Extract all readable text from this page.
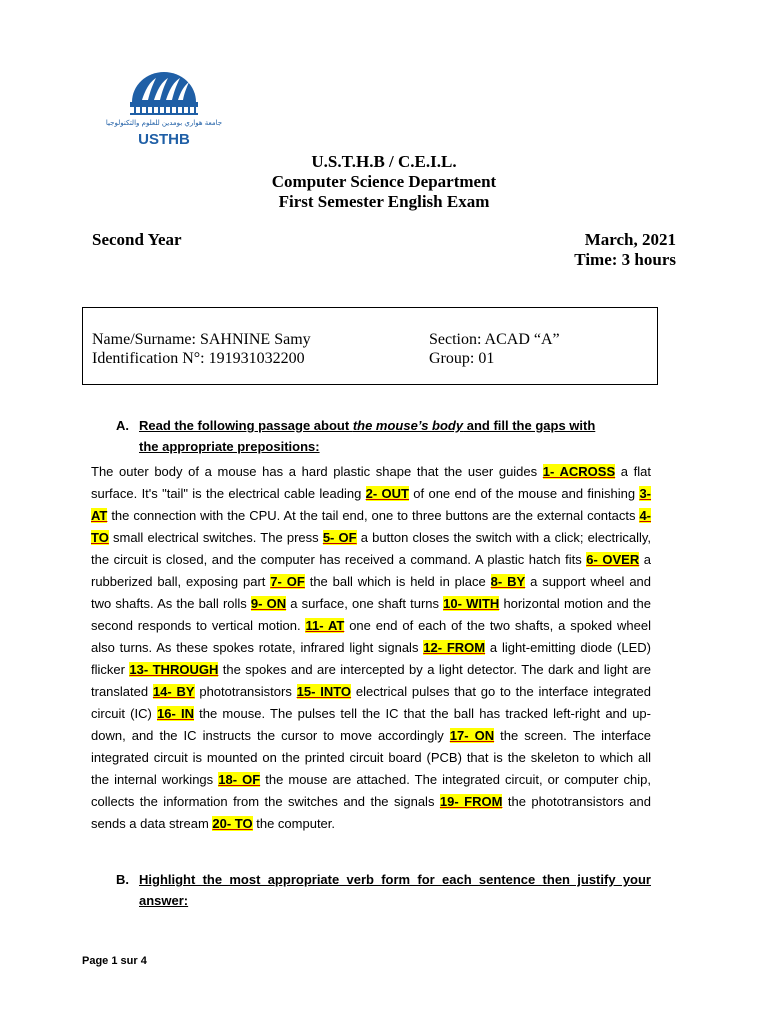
جامعة هواري بومدين للعلوم والتكنولوجيا
USTHB
U.S.T.H.B / C.E.I.L.
Computer Science Department
First Semester English Exam
Second Year	March, 2021
Time: 3 hours
Name/Surname: SAHNINE Samy
Identification N°: 191931032200
Section: ACAD “A”
Group: 01
A. Read the following passage about the mouse’s body and fill the gaps with the appropriate prepositions:

The outer body of a mouse has a hard plastic shape that the user guides 1- ACROSS a flat surface. It's "tail" is the electrical cable leading 2- OUT of one end of the mouse and finishing 3- AT the connection with the CPU. At the tail end, one to three buttons are the external contacts 4- TO small electrical switches. The press 5- OF a button closes the switch with a click; electrically, the circuit is closed, and the computer has received a command. A plastic hatch fits 6- OVER a rubberized ball, exposing part 7- OF the ball which is held in place 8- BY a support wheel and two shafts. As the ball rolls 9- ON a surface, one shaft turns 10- WITH horizontal motion and the second responds to vertical motion. 11- AT one end of each of the two shafts, a spoked wheel also turns. As these spokes rotate, infrared light signals 12- FROM a light-emitting diode (LED) flicker 13- THROUGH the spokes and are intercepted by a light detector. The dark and light are translated 14- BY phototransistors 15- INTO electrical pulses that go to the interface integrated circuit (IC) 16- IN the mouse. The pulses tell the IC that the ball has tracked left-right and up-down, and the IC instructs the cursor to move accordingly 17- ON the screen. The interface integrated circuit is mounted on the printed circuit board (PCB) that is the skeleton to which all the internal workings 18- OF the mouse are attached. The integrated circuit, or computer chip, collects the information from the switches and the signals 19- FROM the phototransistors and sends a data stream 20- TO the computer.

B. Highlight the most appropriate verb form for each sentence then justify your answer:
Page 1 sur 4
